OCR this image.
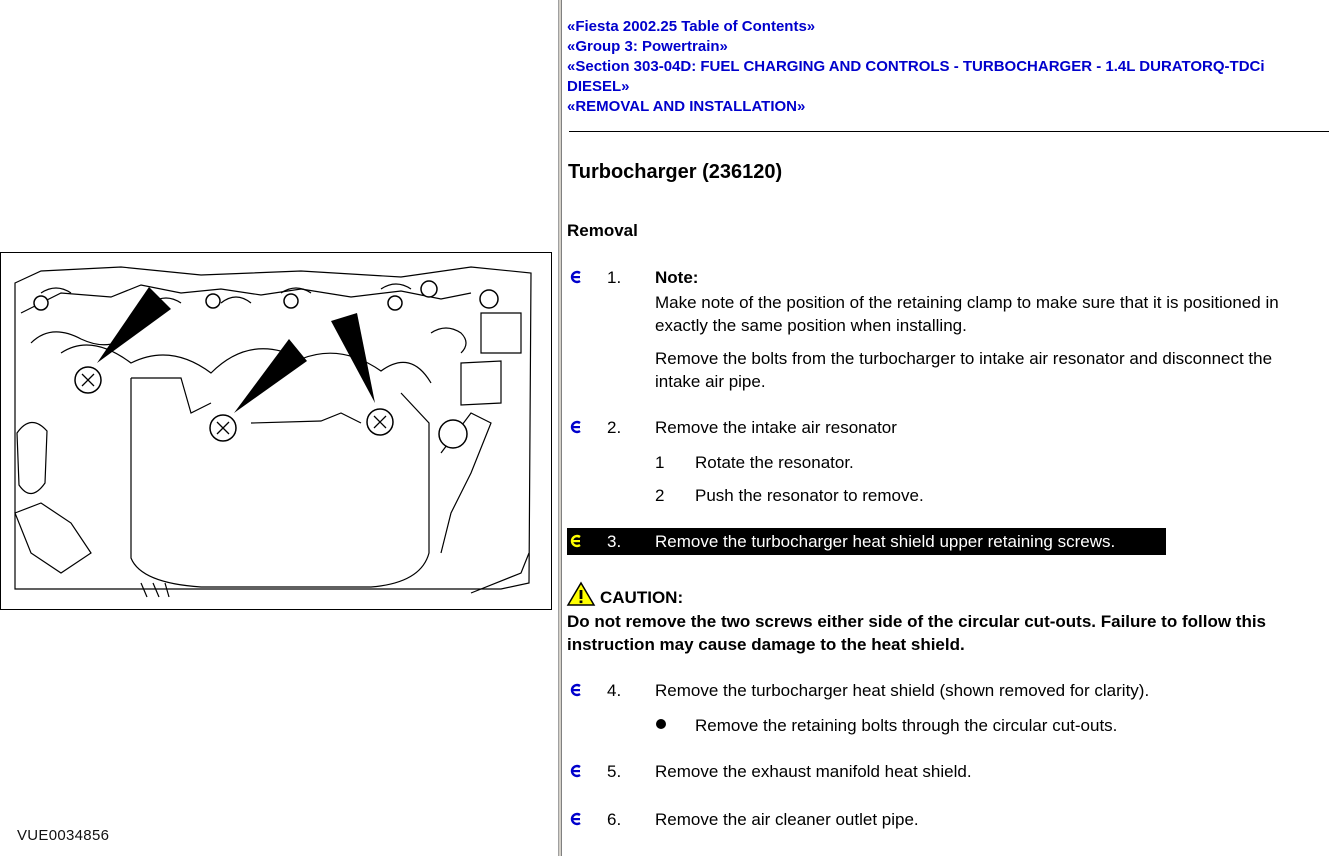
VUE0034856
«Fiesta 2002.25 Table of Contents»
«Group 3: Powertrain»
«Section 303-04D: FUEL CHARGING AND CONTROLS - TURBOCHARGER - 1.4L DURATORQ-TDCi
DIESEL»
«REMOVAL AND INSTALLATION»
Turbocharger (236120)
Removal
1. Note:
Make note of the position of the retaining clamp to make sure that it is positioned in
exactly the same position when installing.
Remove the bolts from the turbocharger to intake air resonator and disconnect the
intake air pipe.
2. Remove the intake air resonator
1 Rotate the resonator.
2 Push the resonator to remove.
3. Remove the turbocharger heat shield upper retaining screws.
CAUTION:
Do not remove the two screws either side of the circular cut-outs. Failure to follow this
instruction may cause damage to the heat shield.
4. Remove the turbocharger heat shield (shown removed for clarity).
Remove the retaining bolts through the circular cut-outs.
5. Remove the exhaust manifold heat shield.
6. Remove the air cleaner outlet pipe.
